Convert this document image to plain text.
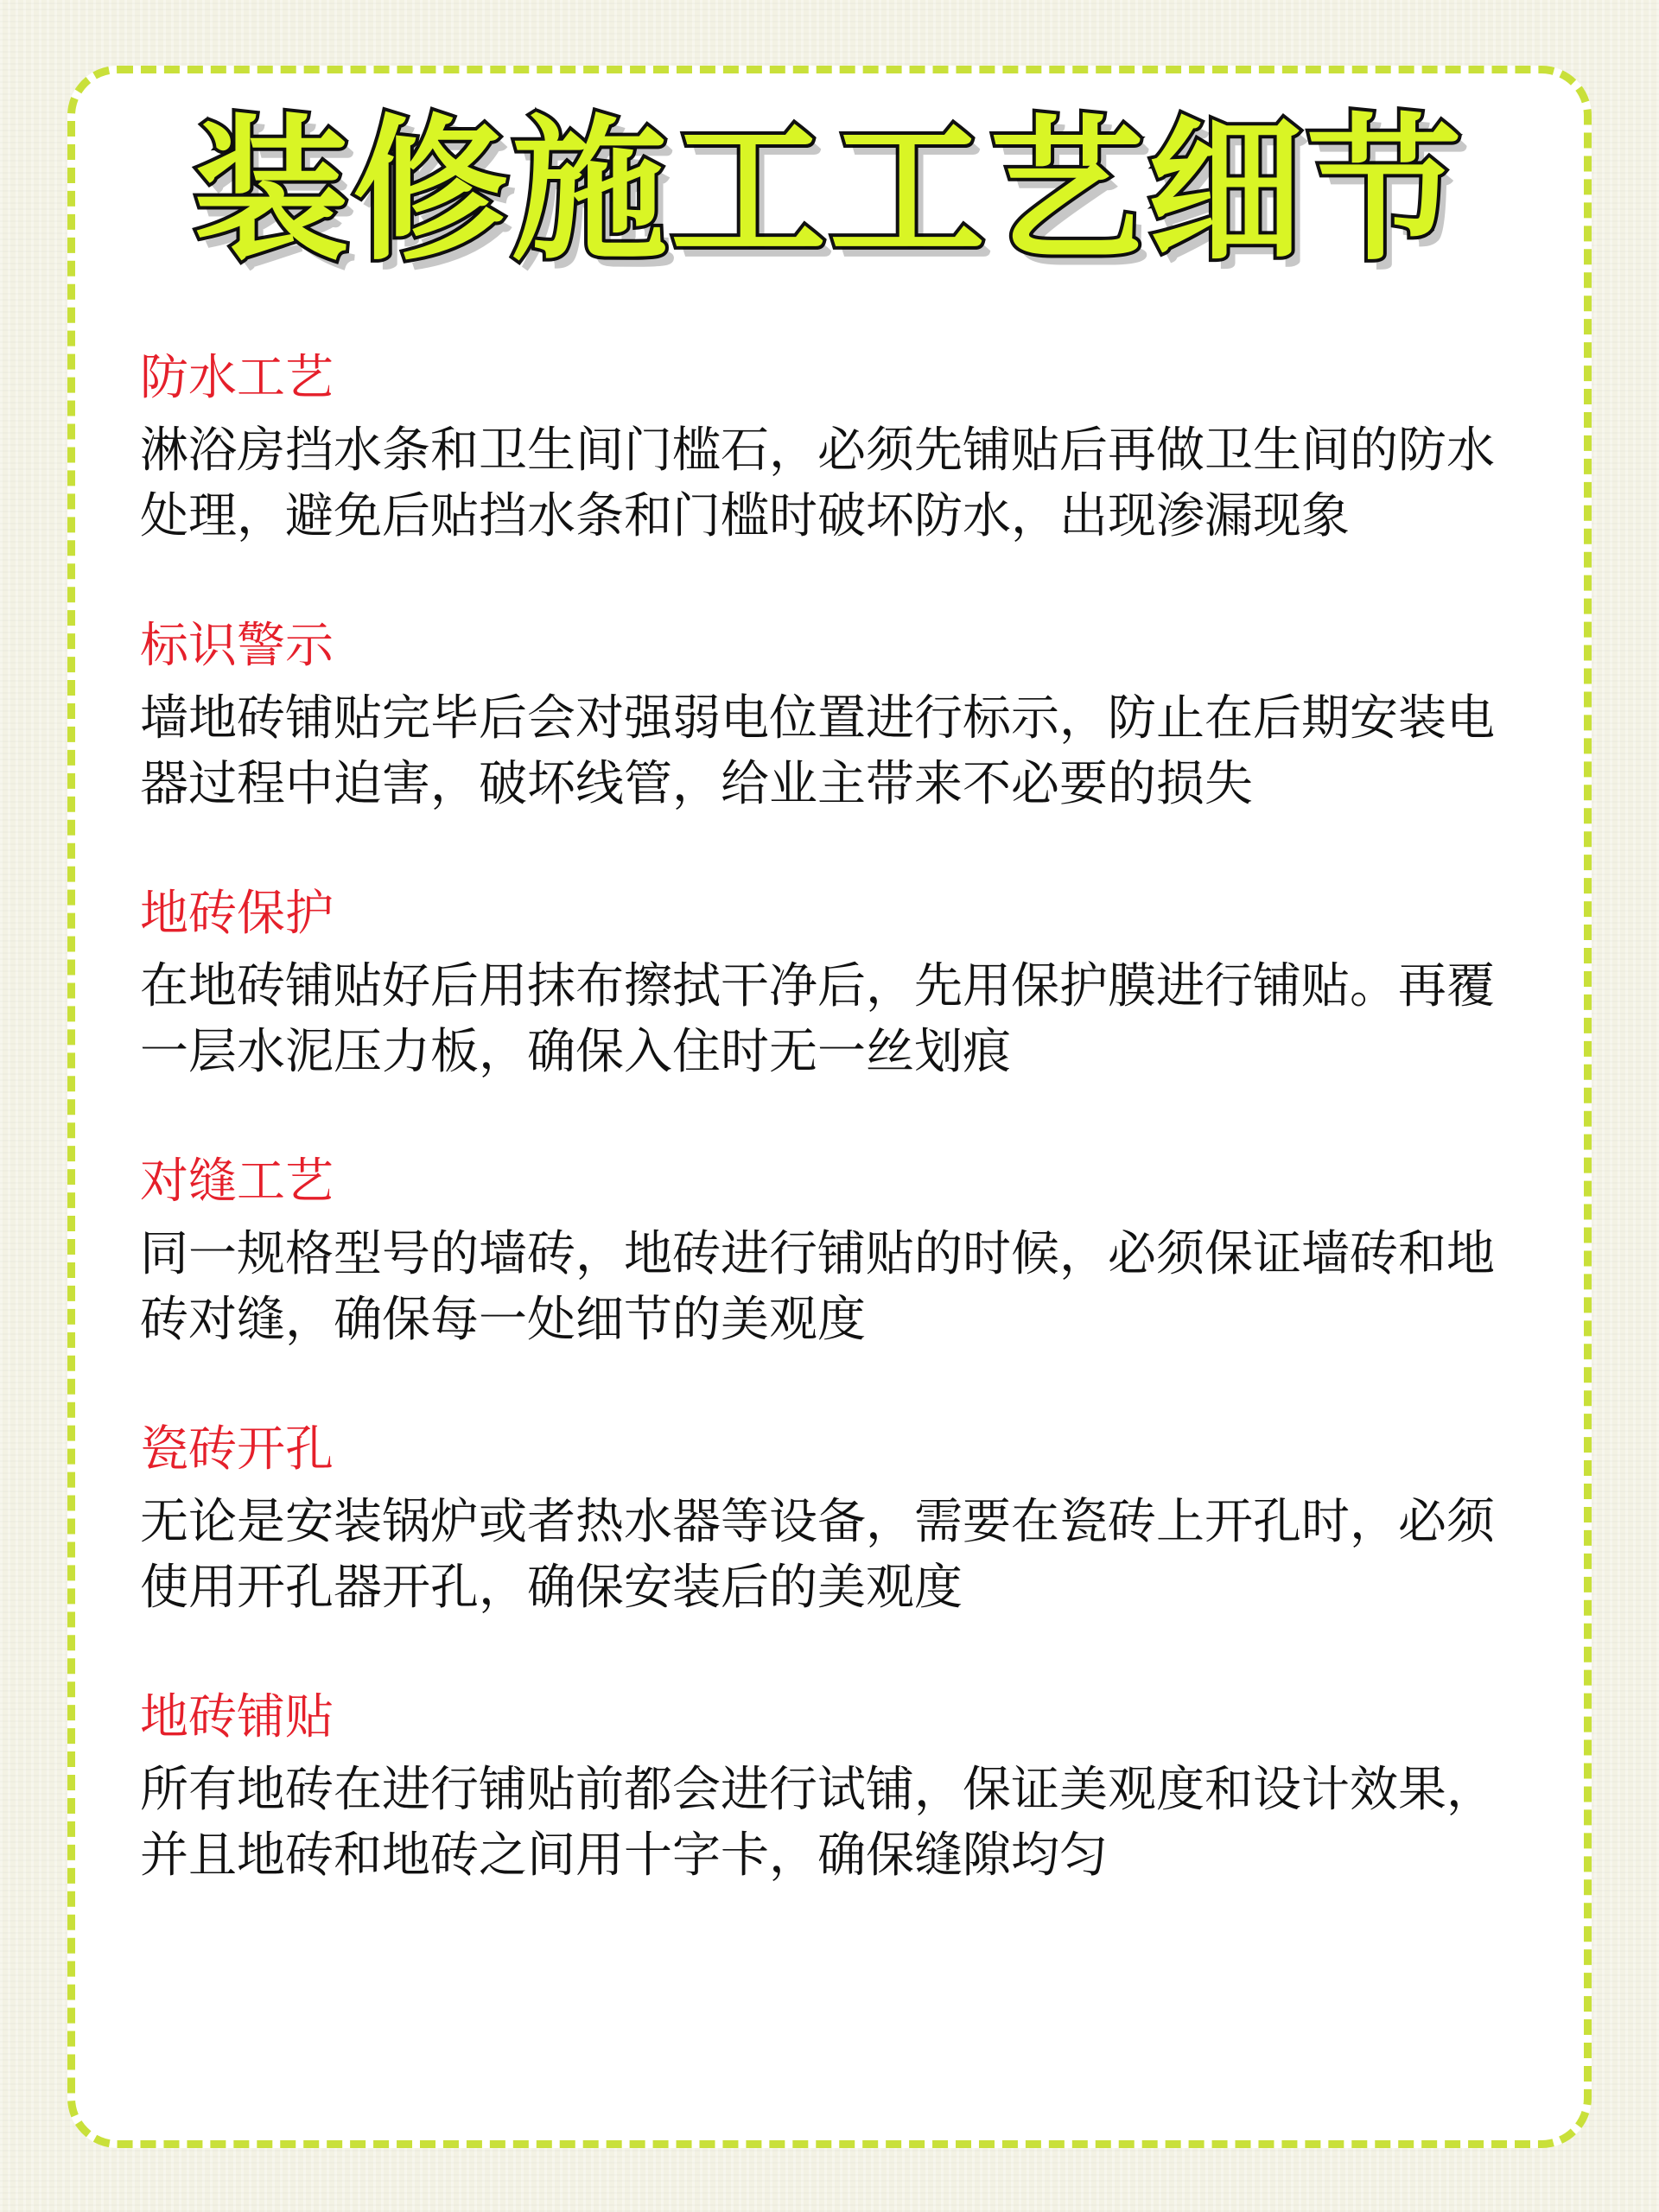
装修施工工艺细节
防水工艺

淋浴房挡水条和卫生间门槛石，必须先铺贴后再做卫生间的防水处理，避免后贴挡水条和门槛时破坏防水，出现渗漏现象

标识警示

墙地砖铺贴完毕后会对强弱电位置进行标示，防止在后期安装电器过程中迫害，破坏线管，给业主带来不必要的损失

地砖保护

在地砖铺贴好后用抹布擦拭干净后，先用保护膜进行铺贴。再覆一层水泥压力板，确保入住时无一丝划痕

对缝工艺

同一规格型号的墙砖，地砖进行铺贴的时候，必须保证墙砖和地砖对缝，确保每一处细节的美观度

瓷砖开孔

无论是安装锅炉或者热水器等设备，需要在瓷砖上开孔时，必须使用开孔器开孔，确保安装后的美观度

地砖铺贴

所有地砖在进行铺贴前都会进行试铺，保证美观度和设计效果，并且地砖和地砖之间用十字卡，确保缝隙均匀
